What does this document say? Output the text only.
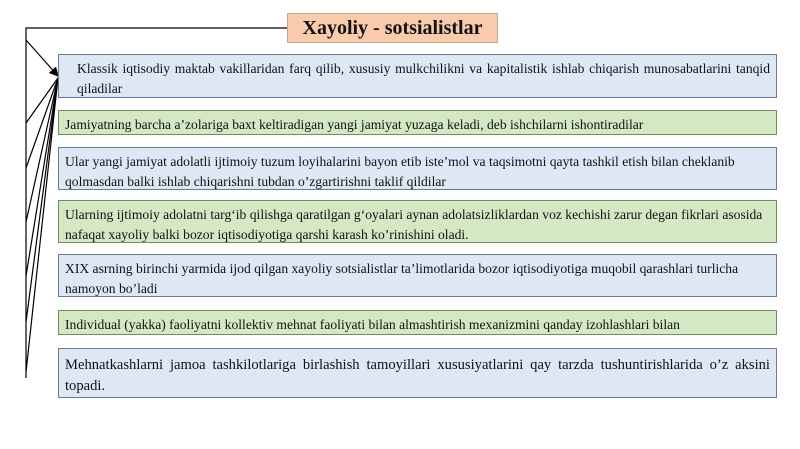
Xayoliy - sotsialistlar
Klassik iqtisodiy maktab vakillaridan farq qilib, xususiy mulkchilikni va kapitalistik ishlab chiqarish munosabatlarini tanqid qiladilar
Jamiyatning barcha a’zolariga baxt keltiradigan yangi jamiyat yuzaga keladi, deb ishchilarni ishontiradilar
Ular yangi jamiyat adolatli ijtimoiy tuzum loyihalarini bayon etib iste’mol va taqsimotni qayta tashkil etish bilan cheklanib qolmasdan balki ishlab chiqarishni tubdan o’zgartirishni taklif qildilar
Ularning ijtimoiy adolatni targ‘ib qilishga qaratilgan g‘oyalari aynan adolatsizliklardan voz kechishi zarur degan fikrlari asosida nafaqat xayoliy balki bozor iqtisodiyotiga qarshi karash ko’rinishini oladi.
XIX asrning birinchi yarmida ijod qilgan xayoliy sotsialistlar ta’limotlarida bozor iqtisodiyotiga muqobil qarashlari turlicha namoyon bo’ladi
Individual (yakka) faoliyatni kollektiv mehnat faoliyati bilan almashtirish mexanizmini qanday izohlashlari bilan
Mehnatkashlarni jamoa tashkilotlariga birlashish tamoyillari xususiyatlarini qay tarzda tushuntirishlarida o’z aksini topadi.
